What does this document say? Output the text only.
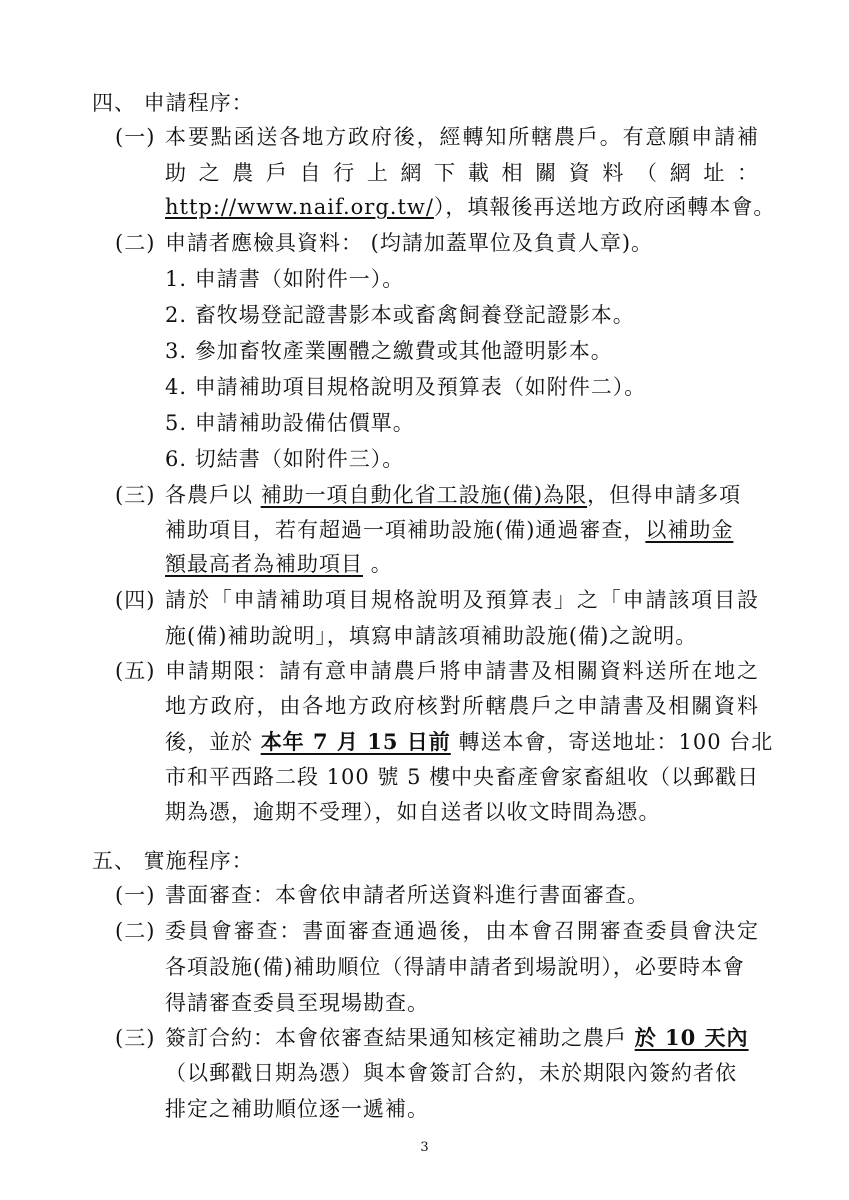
四、 申請程序：
(一) 本要點函送各地方政府後，經轉知所轄農戶。有意願申請補
助之農戶自行上網下載相關資料（網址：
http://www.naif.org.tw/），填報後再送地方政府函轉本會。
(二) 申請者應檢具資料： (均請加蓋單位及負責人章)。
1. 申請書（如附件一）。
2. 畜牧場登記證書影本或畜禽飼養登記證影本。
3. 參加畜牧產業團體之繳費或其他證明影本。
4. 申請補助項目規格說明及預算表（如附件二）。
5. 申請補助設備估價單。
6. 切結書（如附件三）。
(三) 各農戶以 補助一項自動化省工設施(備)為限，但得申請多項
補助項目，若有超過一項補助設施(備)通過審查，以補助金
額最高者為補助項目 。
(四) 請於「申請補助項目規格說明及預算表」之「申請該項目設
施(備)補助說明」，填寫申請該項補助設施(備)之說明。
(五) 申請期限：請有意申請農戶將申請書及相關資料送所在地之
地方政府，由各地方政府核對所轄農戶之申請書及相關資料
後，並於 本年 7 月 15 日前 轉送本會，寄送地址：100 台北
市和平西路二段 100 號 5 樓中央畜產會家畜組收（以郵戳日
期為憑，逾期不受理），如自送者以收文時間為憑。
五、 實施程序：
(一) 書面審查：本會依申請者所送資料進行書面審查。
(二) 委員會審查：書面審查通過後，由本會召開審查委員會決定
各項設施(備)補助順位（得請申請者到場說明），必要時本會
得請審查委員至現場勘查。
(三) 簽訂合約：本會依審查結果通知核定補助之農戶 於 10 天內
（以郵戳日期為憑）與本會簽訂合約，未於期限內簽約者依
排定之補助順位逐一遞補。
3
